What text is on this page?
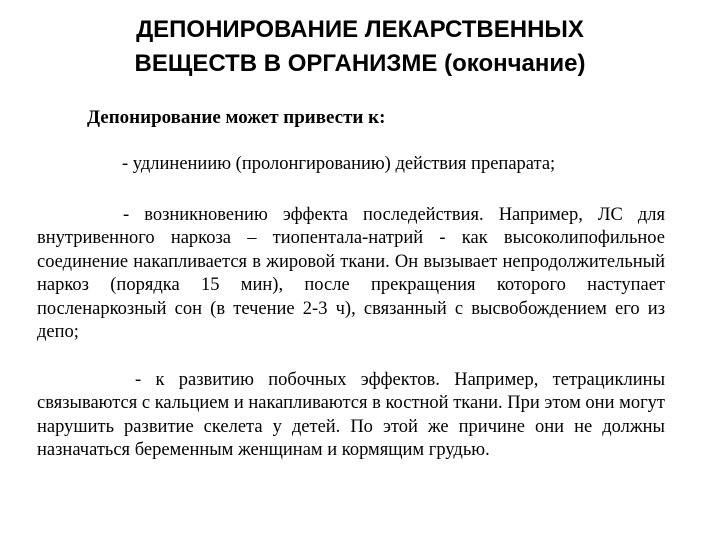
ДЕПОНИРОВАНИЕ ЛЕКАРСТВЕННЫХ
ВЕЩЕСТВ В ОРГАНИЗМЕ (окончание)

Депонирование может привести к:

- удлинениию (пролонгированию) действия препарата;

- возникновению эффекта последействия. Например, ЛС для внутривенного наркоза – тиопентала-натрий - как высоколипофильное соединение накапливается в жировой ткани. Он вызывает непродолжительный наркоз (порядка 15 мин), после прекращения которого наступает посленаркозный сон (в течение 2-3 ч), связанный с высвобождением его из депо;

- к развитию побочных эффектов. Например, тетрациклины связываются с кальцием и накапливаются в костной ткани. При этом они могут нарушить развитие скелета у детей. По этой же причине они не должны назначаться беременным женщинам и кормящим грудью.
